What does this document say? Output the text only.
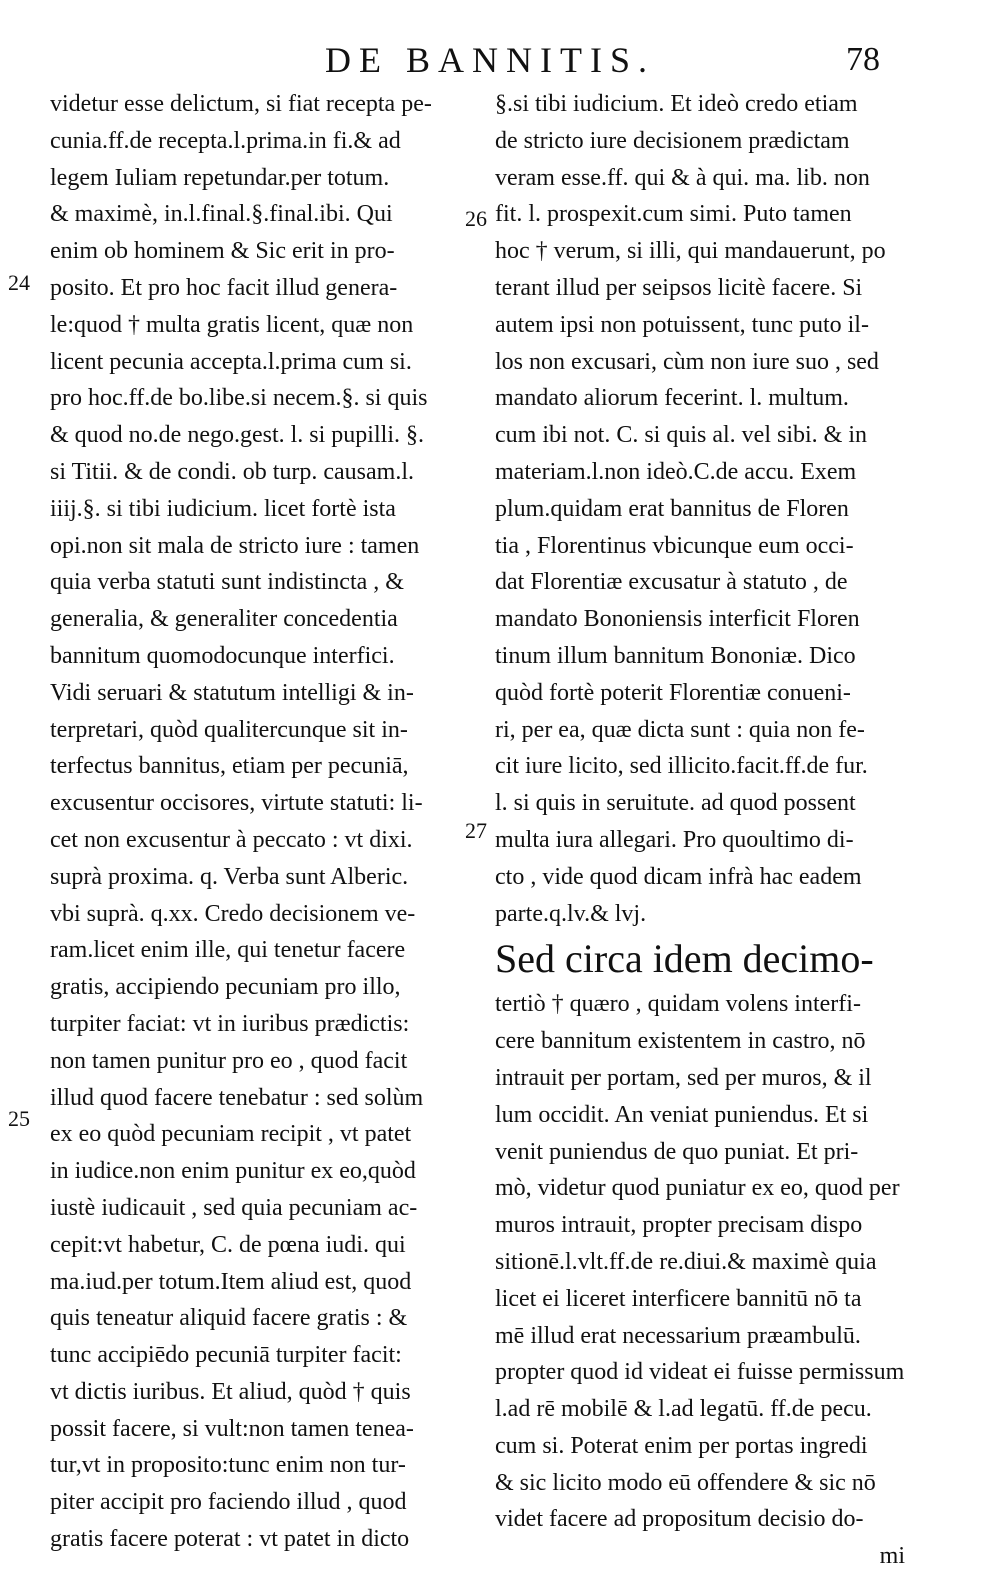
DE BANNITIS.	78
24
25
26
27
videtur esse delictum, si fiat recepta pe-
cunia.ff.de recepta.l.prima.in fi.& ad
legem Iuliam repetundar.per totum.
& maximè, in.l.final.§.final.ibi. Qui
enim ob hominem & Sic erit in pro-
posito. Et pro hoc facit illud genera-
le:quod † multa gratis licent, quæ non
licent pecunia accepta.l.prima cum si.
pro hoc.ff.de bo.libe.si necem.§. si quis
& quod no.de nego.gest. l. si pupilli. §.
si Titii. & de condi. ob turp. causam.l.
iiij.§. si tibi iudicium. licet fortè ista
opi.non sit mala de stricto iure : tamen
quia verba statuti sunt indistincta , &
generalia, & generaliter concedentia
bannitum quomodocunque interfici.
Vidi seruari & statutum intelligi & in-
terpretari, quòd qualitercunque sit in-
terfectus bannitus, etiam per pecuniā,
excusentur occisores, virtute statuti: li-
cet non excusentur à peccato : vt dixi.
suprà proxima. q. Verba sunt Alberic.
vbi suprà. q.xx. Credo decisionem ve-
ram.licet enim ille, qui tenetur facere
gratis, accipiendo pecuniam pro illo,
turpiter faciat: vt in iuribus prædictis:
non tamen punitur pro eo , quod facit
illud quod facere tenebatur : sed solùm
ex eo quòd pecuniam recipit , vt patet
in iudice.non enim punitur ex eo,quòd
iustè iudicauit , sed quia pecuniam ac-
cepit:vt habetur, C. de pœna iudi. qui
ma.iud.per totum.Item aliud est, quod
quis teneatur aliquid facere gratis : &
tunc accipiēdo pecuniā turpiter facit:
vt dictis iuribus. Et aliud, quòd † quis
possit facere, si vult:non tamen tenea-
tur,vt in proposito:tunc enim non tur-
piter accipit pro faciendo illud , quod
gratis facere poterat : vt patet in dicto
§.si tibi iudicium. Et ideò credo etiam
de stricto iure decisionem prædictam
veram esse.ff. qui & à qui. ma. lib. non
fit. l. prospexit.cum simi. Puto tamen
hoc † verum, si illi, qui mandauerunt, po
terant illud per seipsos licitè facere. Si
autem ipsi non potuissent, tunc puto il-
los non excusari, cùm non iure suo , sed
mandato aliorum fecerint. l. multum.
cum ibi not. C. si quis al. vel sibi. & in
materiam.l.non ideò.C.de accu. Exem
plum.quidam erat bannitus de Floren
tia , Florentinus vbicunque eum occi-
dat Florentiæ excusatur à statuto , de
mandato Bononiensis interficit Floren
tinum illum bannitum Bononiæ. Dico
quòd fortè poterit Florentiæ conueni-
ri, per ea, quæ dicta sunt : quia non fe-
cit iure licito, sed illicito.facit.ff.de fur.
l. si quis in seruitute. ad quod possent
multa iura allegari. Pro quoultimo di-
cto , vide quod dicam infrà hac eadem
parte.q.lv.& lvj.
Sed circa idem decimo-
tertiò † quæro , quidam volens interfi-
cere bannitum existentem in castro, nō
intrauit per portam, sed per muros, & il
lum occidit. An veniat puniendus. Et si
venit puniendus de quo puniat. Et pri-
mò, videtur quod puniatur ex eo, quod per
muros intrauit, propter precisam dispo
sitionē.l.vlt.ff.de re.diui.& maximè quia
licet ei liceret interficere bannitū nō ta
mē illud erat necessarium præambulū.
propter quod id videat ei fuisse permissum
l.ad rē mobilē & l.ad legatū. ff.de pecu.
cum si. Poterat enim per portas ingredi
& sic licito modo eū offendere & sic nō
videt facere ad propositum decisio do-
mi
